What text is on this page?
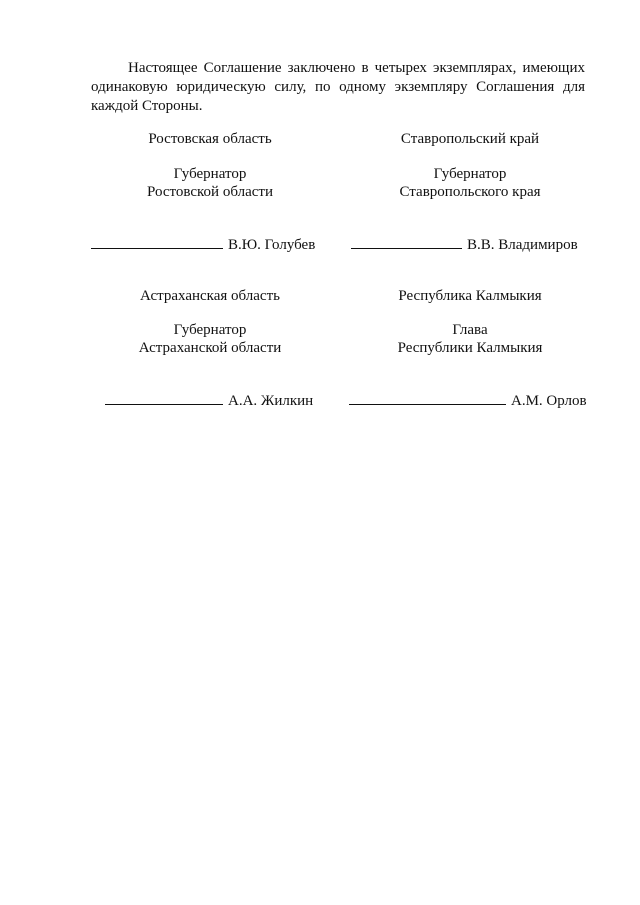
Настоящее Соглашение заключено в четырех экземплярах, имеющих одинаковую юридическую силу, по одному экземпляру Соглашения для каждой Стороны.
Ростовская область
Губернатор
Ростовской области
В.Ю. Голубев
Ставропольский край
Губернатор
Ставропольского края
В.В. Владимиров
Астраханская область
Губернатор
Астраханской области
А.А. Жилкин
Республика Калмыкия
Глава
Республики Калмыкия
А.М. Орлов
